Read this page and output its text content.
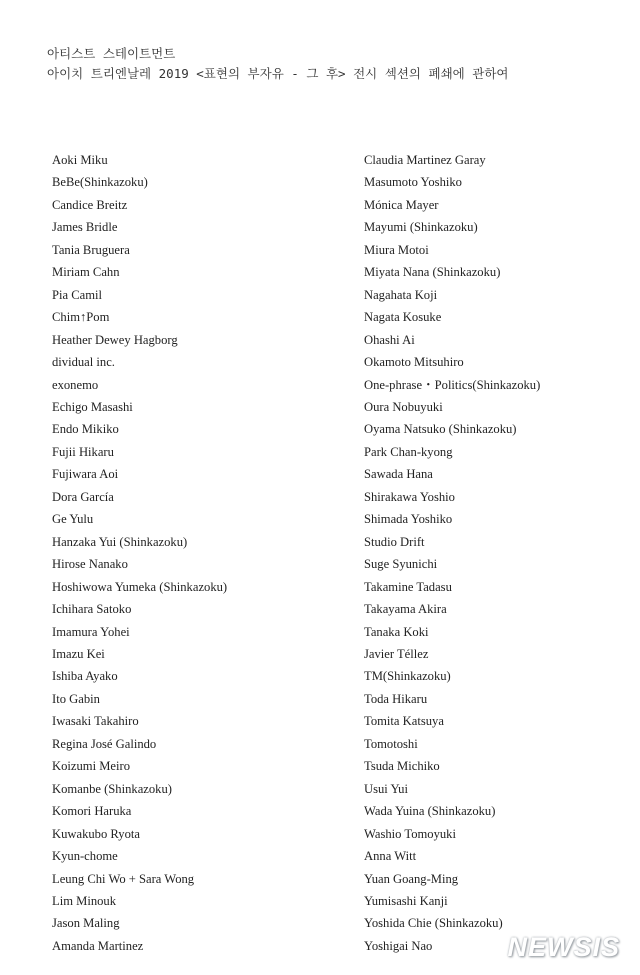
아티스트 스테이트먼트
아이치 트리엔날레 2019 <표현의 부자유 - 그 후> 전시 섹션의 폐쇄에 관하여
Aoki Miku
BeBe(Shinkazoku)
Candice Breitz
James Bridle
Tania Bruguera
Miriam Cahn
Pia Camil
Chim↑Pom
Heather Dewey Hagborg
dividual inc.
exonemo
Echigo Masashi
Endo Mikiko
Fujii Hikaru
Fujiwara Aoi
Dora García
Ge Yulu
Hanzaka Yui (Shinkazoku)
Hirose Nanako
Hoshiwowa Yumeka (Shinkazoku)
Ichihara Satoko
Imamura Yohei
Imazu Kei
Ishiba Ayako
Ito Gabin
Iwasaki Takahiro
Regina José Galindo
Koizumi Meiro
Komanbe (Shinkazoku)
Komori Haruka
Kuwakubo Ryota
Kyun-chome
Leung Chi Wo + Sara Wong
Lim Minouk
Jason Maling
Amanda Martinez
Claudia Martinez Garay
Masumoto Yoshiko
Mónica Mayer
Mayumi (Shinkazoku)
Miura Motoi
Miyata Nana (Shinkazoku)
Nagahata Koji
Nagata Kosuke
Ohashi Ai
Okamoto Mitsuhiro
One-phrase・Politics(Shinkazoku)
Oura Nobuyuki
Oyama Natsuko (Shinkazoku)
Park Chan-kyong
Sawada Hana
Shirakawa Yoshio
Shimada Yoshiko
Studio Drift
Suge Syunichi
Takamine Tadasu
Takayama Akira
Tanaka Koki
Javier Téllez
TM(Shinkazoku)
Toda Hikaru
Tomita Katsuya
Tomotoshi
Tsuda Michiko
Usui Yui
Wada Yuina (Shinkazoku)
Washio Tomoyuki
Anna Witt
Yuan Goang-Ming
Yumisashi Kanji
Yoshida Chie (Shinkazoku)
Yoshigai Nao	NEWSIS
